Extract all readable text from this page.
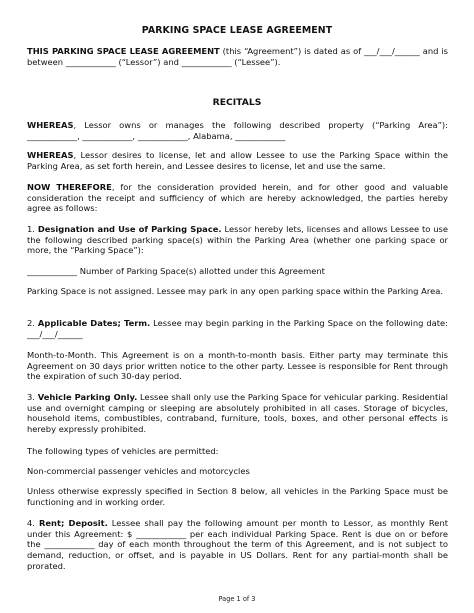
PARKING SPACE LEASE AGREEMENT

THIS PARKING SPACE LEASE AGREEMENT (this “Agreement”) is dated as of ___/___/______ and is between ____________ (“Lessor”) and ____________ (“Lessee”).

RECITALS

WHEREAS, Lessor owns or manages the following described property (“Parking Area”): ____________, ____________, ____________, Alabama, ____________

WHEREAS, Lessor desires to license, let and allow Lessee to use the Parking Space within the Parking Area, as set forth herein, and Lessee desires to license, let and use the same.

NOW THEREFORE, for the consideration provided herein, and for other good and valuable consideration the receipt and sufficiency of which are hereby acknowledged, the parties hereby agree as follows:

1. Designation and Use of Parking Space. Lessor hereby lets, licenses and allows Lessee to use the following described parking space(s) within the Parking Area (whether one parking space or more, the “Parking Space”):

____________ Number of Parking Space(s) allotted under this Agreement

Parking Space is not assigned. Lessee may park in any open parking space within the Parking Area.

2. Applicable Dates; Term. Lessee may begin parking in the Parking Space on the following date: ___/___/______

Month-to-Month. This Agreement is on a month-to-month basis. Either party may terminate this Agreement on 30 days prior written notice to the other party. Lessee is responsible for Rent through the expiration of such 30-day period.

3. Vehicle Parking Only. Lessee shall only use the Parking Space for vehicular parking. Residential use and overnight camping or sleeping are absolutely prohibited in all cases. Storage of bicycles, household items, combustibles, contraband, furniture, tools, boxes, and other personal effects is hereby expressly prohibited.

The following types of vehicles are permitted:

Non-commercial passenger vehicles and motorcycles

Unless otherwise expressly specified in Section 8 below, all vehicles in the Parking Space must be functioning and in working order.

4. Rent; Deposit. Lessee shall pay the following amount per month to Lessor, as monthly Rent under this Agreement: $ ____________ per each individual Parking Space. Rent is due on or before the ____________ day of each month throughout the term of this Agreement, and is not subject to demand, reduction, or offset, and is payable in US Dollars. Rent for any partial-month shall be prorated.

Page 1 of 3
